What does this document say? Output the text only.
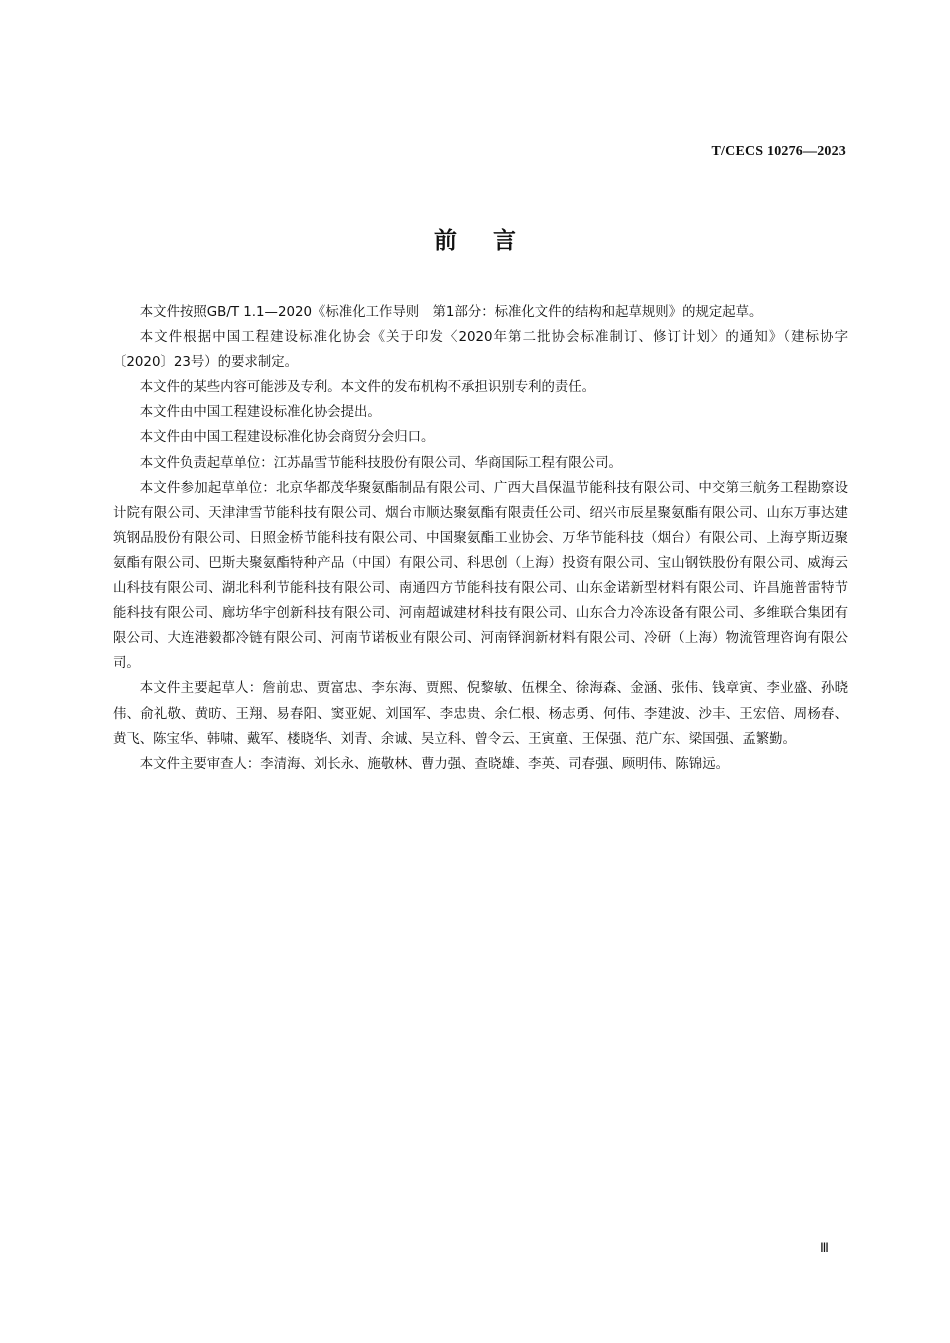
T/CECS 10276—2023
前言

本文件按照GB/T 1.1—2020《标准化工作导则　第1部分：标准化文件的结构和起草规则》的规定起草。

本文件根据中国工程建设标准化协会《关于印发〈2020年第二批协会标准制订、修订计划〉的通知》（建标协字〔2020〕23号）的要求制定。

本文件的某些内容可能涉及专利。本文件的发布机构不承担识别专利的责任。

本文件由中国工程建设标准化协会提出。

本文件由中国工程建设标准化协会商贸分会归口。

本文件负责起草单位：江苏晶雪节能科技股份有限公司、华商国际工程有限公司。

本文件参加起草单位：北京华都茂华聚氨酯制品有限公司、广西大昌保温节能科技有限公司、中交第三航务工程勘察设计院有限公司、天津津雪节能科技有限公司、烟台市顺达聚氨酯有限责任公司、绍兴市辰星聚氨酯有限公司、山东万事达建筑钢品股份有限公司、日照金桥节能科技有限公司、中国聚氨酯工业协会、万华节能科技（烟台）有限公司、上海亨斯迈聚氨酯有限公司、巴斯夫聚氨酯特种产品（中国）有限公司、科思创（上海）投资有限公司、宝山钢铁股份有限公司、威海云山科技有限公司、湖北科利节能科技有限公司、南通四方节能科技有限公司、山东金诺新型材料有限公司、许昌施普雷特节能科技有限公司、廊坊华宇创新科技有限公司、河南超诚建材科技有限公司、山东合力冷冻设备有限公司、多维联合集团有限公司、大连港毅都冷链有限公司、河南节诺板业有限公司、河南铎润新材料有限公司、冷研（上海）物流管理咨询有限公司。

本文件主要起草人：詹前忠、贾富忠、李东海、贾熙、倪黎敏、伍棵全、徐海森、金涵、张伟、钱章寅、李业盛、孙晓伟、俞礼敬、黄昉、王翔、易春阳、窦亚妮、刘国军、李忠贵、余仁根、杨志勇、何伟、李建波、沙丰、王宏倍、周杨春、黄飞、陈宝华、韩啸、戴军、楼晓华、刘青、余诚、吴立科、曾令云、王寅童、王保强、范广东、梁国强、孟繁勤。

本文件主要审查人：李清海、刘长永、施敬林、曹力强、查晓雄、李英、司春强、顾明伟、陈锦远。

Ⅲ
